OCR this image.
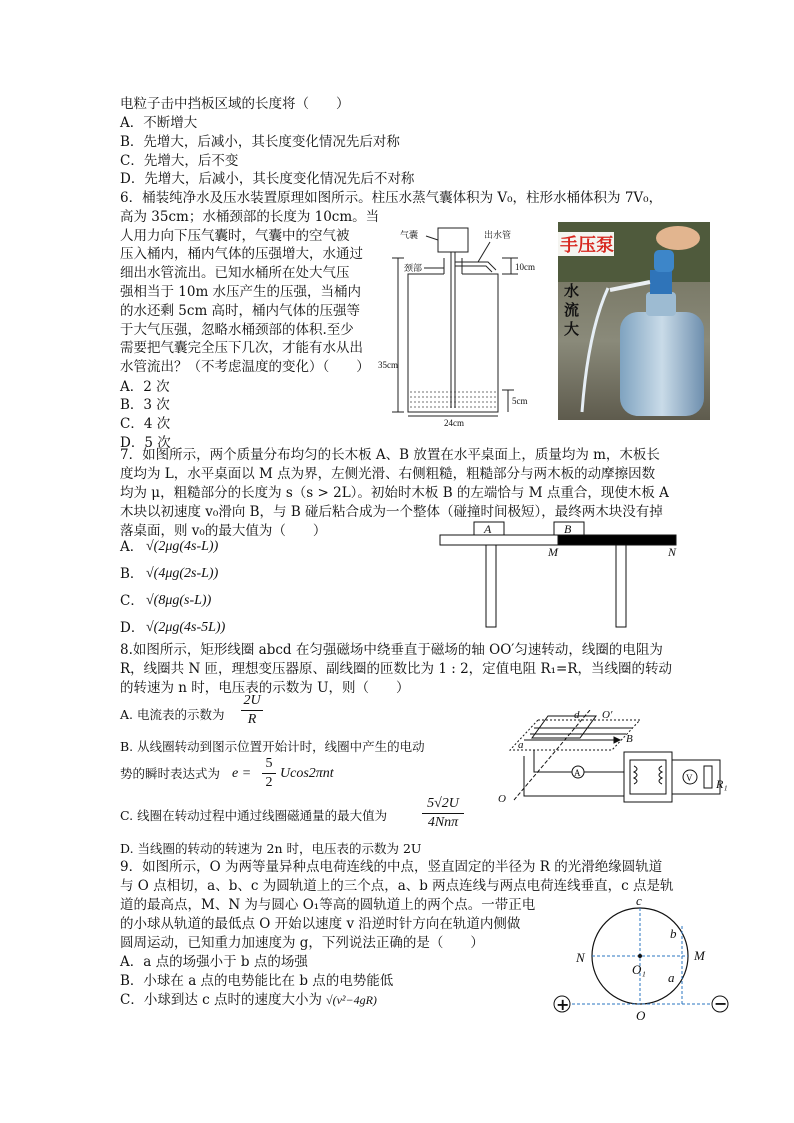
电粒子击中挡板区域的长度将（　　）
A．不断增大
B．先增大，后减小，其长度变化情况先后对称
C．先增大，后不变
D．先增大，后减小，其长度变化情况先后不对称
6．桶装纯净水及压水装置原理如图所示。柱压水蒸气囊体积为 V₀，柱形水桶体积为 7V₀，
高为 35cm；水桶颈部的长度为 10cm。当
人用力向下压气囊时，气囊中的空气被
压入桶内，桶内气体的压强增大，水通过
细出水管流出。已知水桶所在处大气压
强相当于 10m 水压产生的压强，当桶内
的水还剩 5cm 高时，桶内气体的压强等
于大气压强，忽略水桶颈部的体积.至少
需要把气囊完全压下几次，才能有水从出
水管流出？（不考虑温度的变化）（　　）
A．2 次
B．3 次
C．4 次
D．5 次
气囊	出水管
颈部	10cm
35cm
5cm
24cm
手压泵
水
流
大
7．如图所示，两个质量分布均匀的长木板 A、B 放置在水平桌面上，质量均为 m，木板长
度均为 L，水平桌面以 M 点为界，左侧光滑、右侧粗糙，粗糙部分与两木板的动摩擦因数
均为 μ，粗糙部分的长度为 s（s > 2L）。初始时木板 B 的左端恰与 M 点重合，现使木板 A
木块以初速度 v₀滑向 B，与 B 碰后粘合成为一个整体（碰撞时间极短），最终两木块没有掉
落桌面，则 v₀的最大值为（　　）
A． √(2μg(4s-L))
B． √(4μg(2s-L))
C． √(8μg(s-L))
D． √(2μg(4s-5L))
A	B
M	N
8.如图所示，矩形线圈 abcd 在匀强磁场中绕垂直于磁场的轴 OO′匀速转动，线圈的电阻为
R，线圈共 N 匝，理想变压器原、副线圈的匝数比为 1 : 2，定值电阻 R₁=R，当线圈的转动
的转速为 n 时，电压表的示数为 U，则（　　）
A. 电流表的示数为 $\frac{2U}{R}$
B. 从线圈转动到图示位置开始计时，线圈中产生的电动
势的瞬时表达式为 $e = \frac{5}{2} Ucos2\pi nt$
C. 线圈在转动过程中通过线圈磁通量的最大值为
5√2U
4Nnπ
D. 当线圈的转动的转速为 2n 时，电压表的示数为 2U
d O′
B
a
O
A	V R₁
9．如图所示，O 为两等量异种点电荷连线的中点，竖直固定的半径为 R 的光滑绝缘圆轨道
与 O 点相切，a、b、c 为圆轨道上的三个点，a、b 两点连线与两点电荷连线垂直，c 点是轨
道的最高点，M、N 为与圆心 O₁等高的圆轨道上的两个点。一带正电
的小球从轨道的最低点 O 开始以速度 v 沿逆时针方向在轨道内侧做
圆周运动，已知重力加速度为 g，下列说法正确的是（　　）
A．a 点的场强小于 b 点的场强
B．小球在 a 点的电势能比在 b 点的电势能低
C．小球到达 c 点时的速度大小为 √(v²−4gR)
c
b
M
N
O₁
a
O
+	−
